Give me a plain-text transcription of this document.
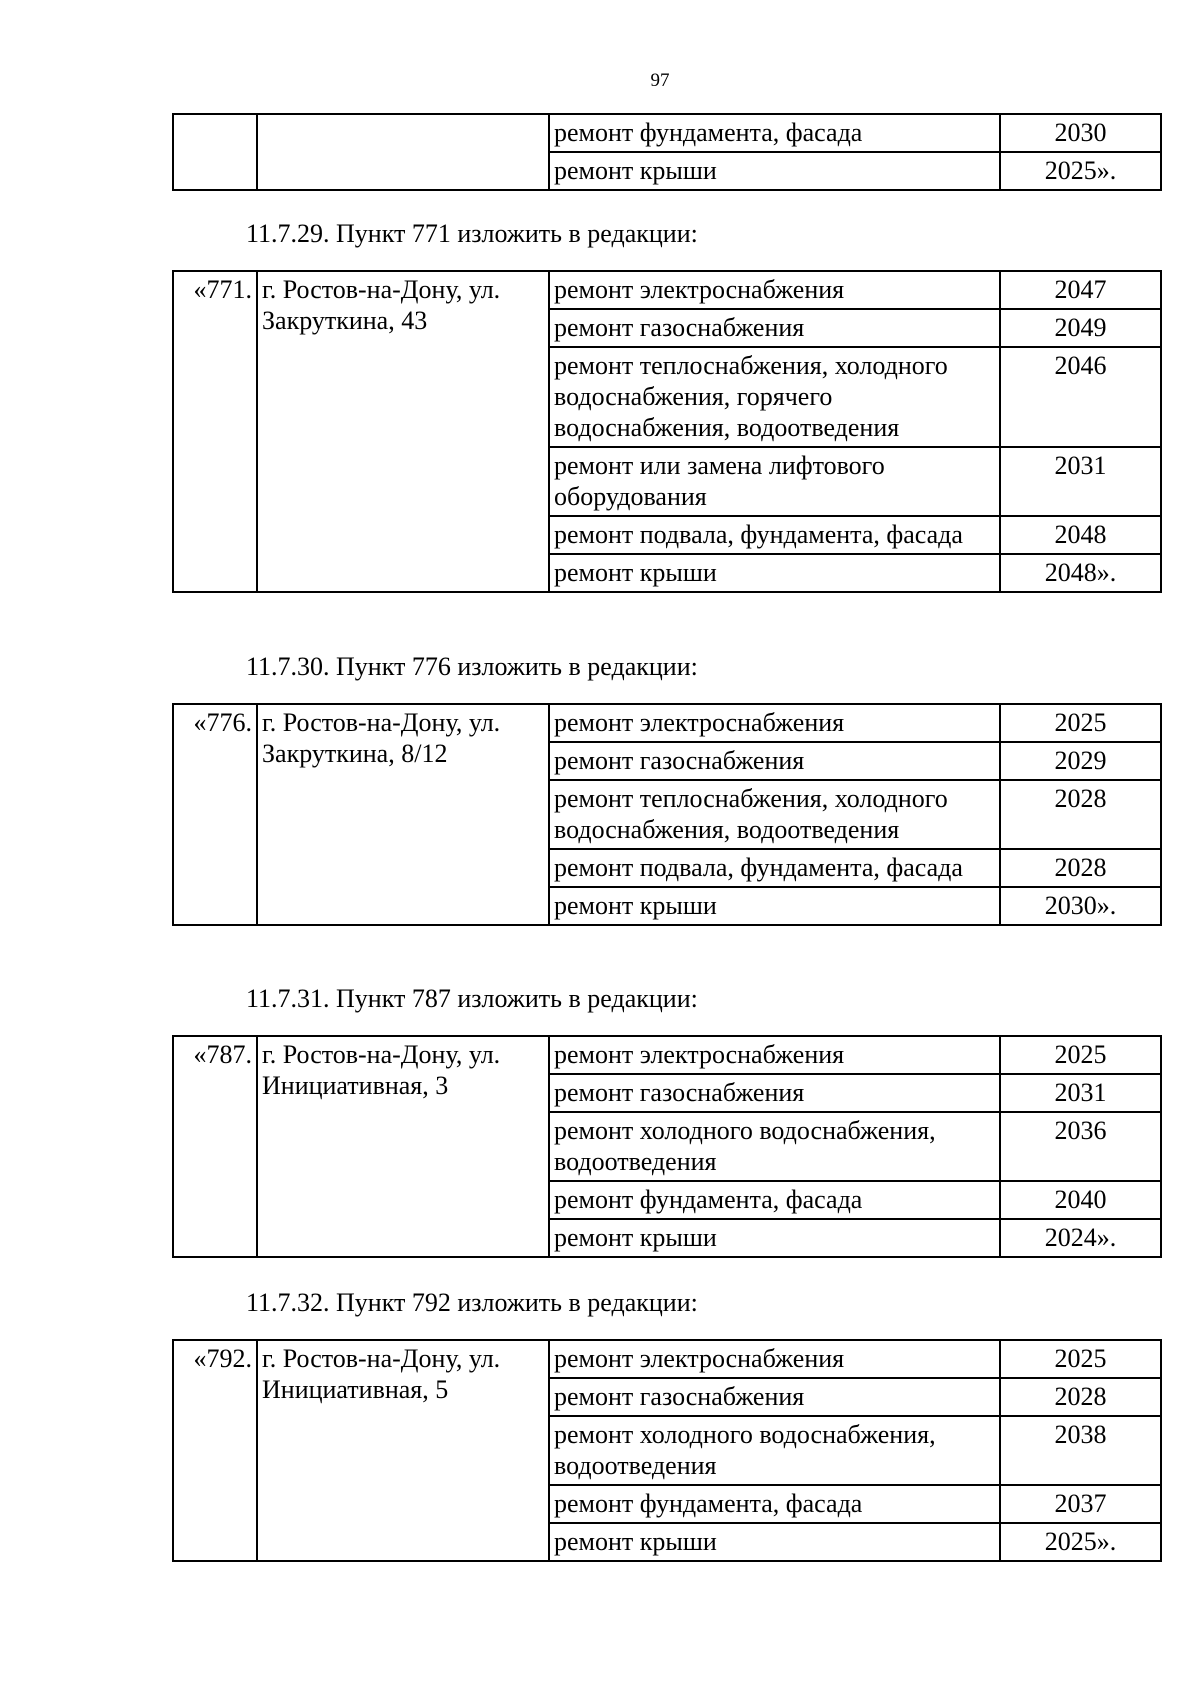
97
		ремонт фундамента, фасада	2030
		ремонт крыши	2025».
11.7.29. Пункт 771 изложить в редакции:
«771.	г. Ростов-на-Дону, ул. Закруткина, 43	ремонт электроснабжения	2047
		ремонт газоснабжения	2049
		ремонт теплоснабжения, холодного водоснабжения, горячего водоснабжения, водоотведения	2046
		ремонт или замена лифтового оборудования	2031
		ремонт подвала, фундамента, фасада	2048
		ремонт крыши	2048».
11.7.30. Пункт 776 изложить в редакции:
«776.	г. Ростов-на-Дону, ул. Закруткина, 8/12	ремонт электроснабжения	2025
		ремонт газоснабжения	2029
		ремонт теплоснабжения, холодного водоснабжения, водоотведения	2028
		ремонт подвала, фундамента, фасада	2028
		ремонт крыши	2030».
11.7.31. Пункт 787 изложить в редакции:
«787.	г. Ростов-на-Дону, ул. Инициативная, 3	ремонт электроснабжения	2025
		ремонт газоснабжения	2031
		ремонт холодного водоснабжения, водоотведения	2036
		ремонт фундамента, фасада	2040
		ремонт крыши	2024».
11.7.32. Пункт 792 изложить в редакции:
«792.	г. Ростов-на-Дону, ул. Инициативная, 5	ремонт электроснабжения	2025
		ремонт газоснабжения	2028
		ремонт холодного водоснабжения, водоотведения	2038
		ремонт фундамента, фасада	2037
		ремонт крыши	2025».
